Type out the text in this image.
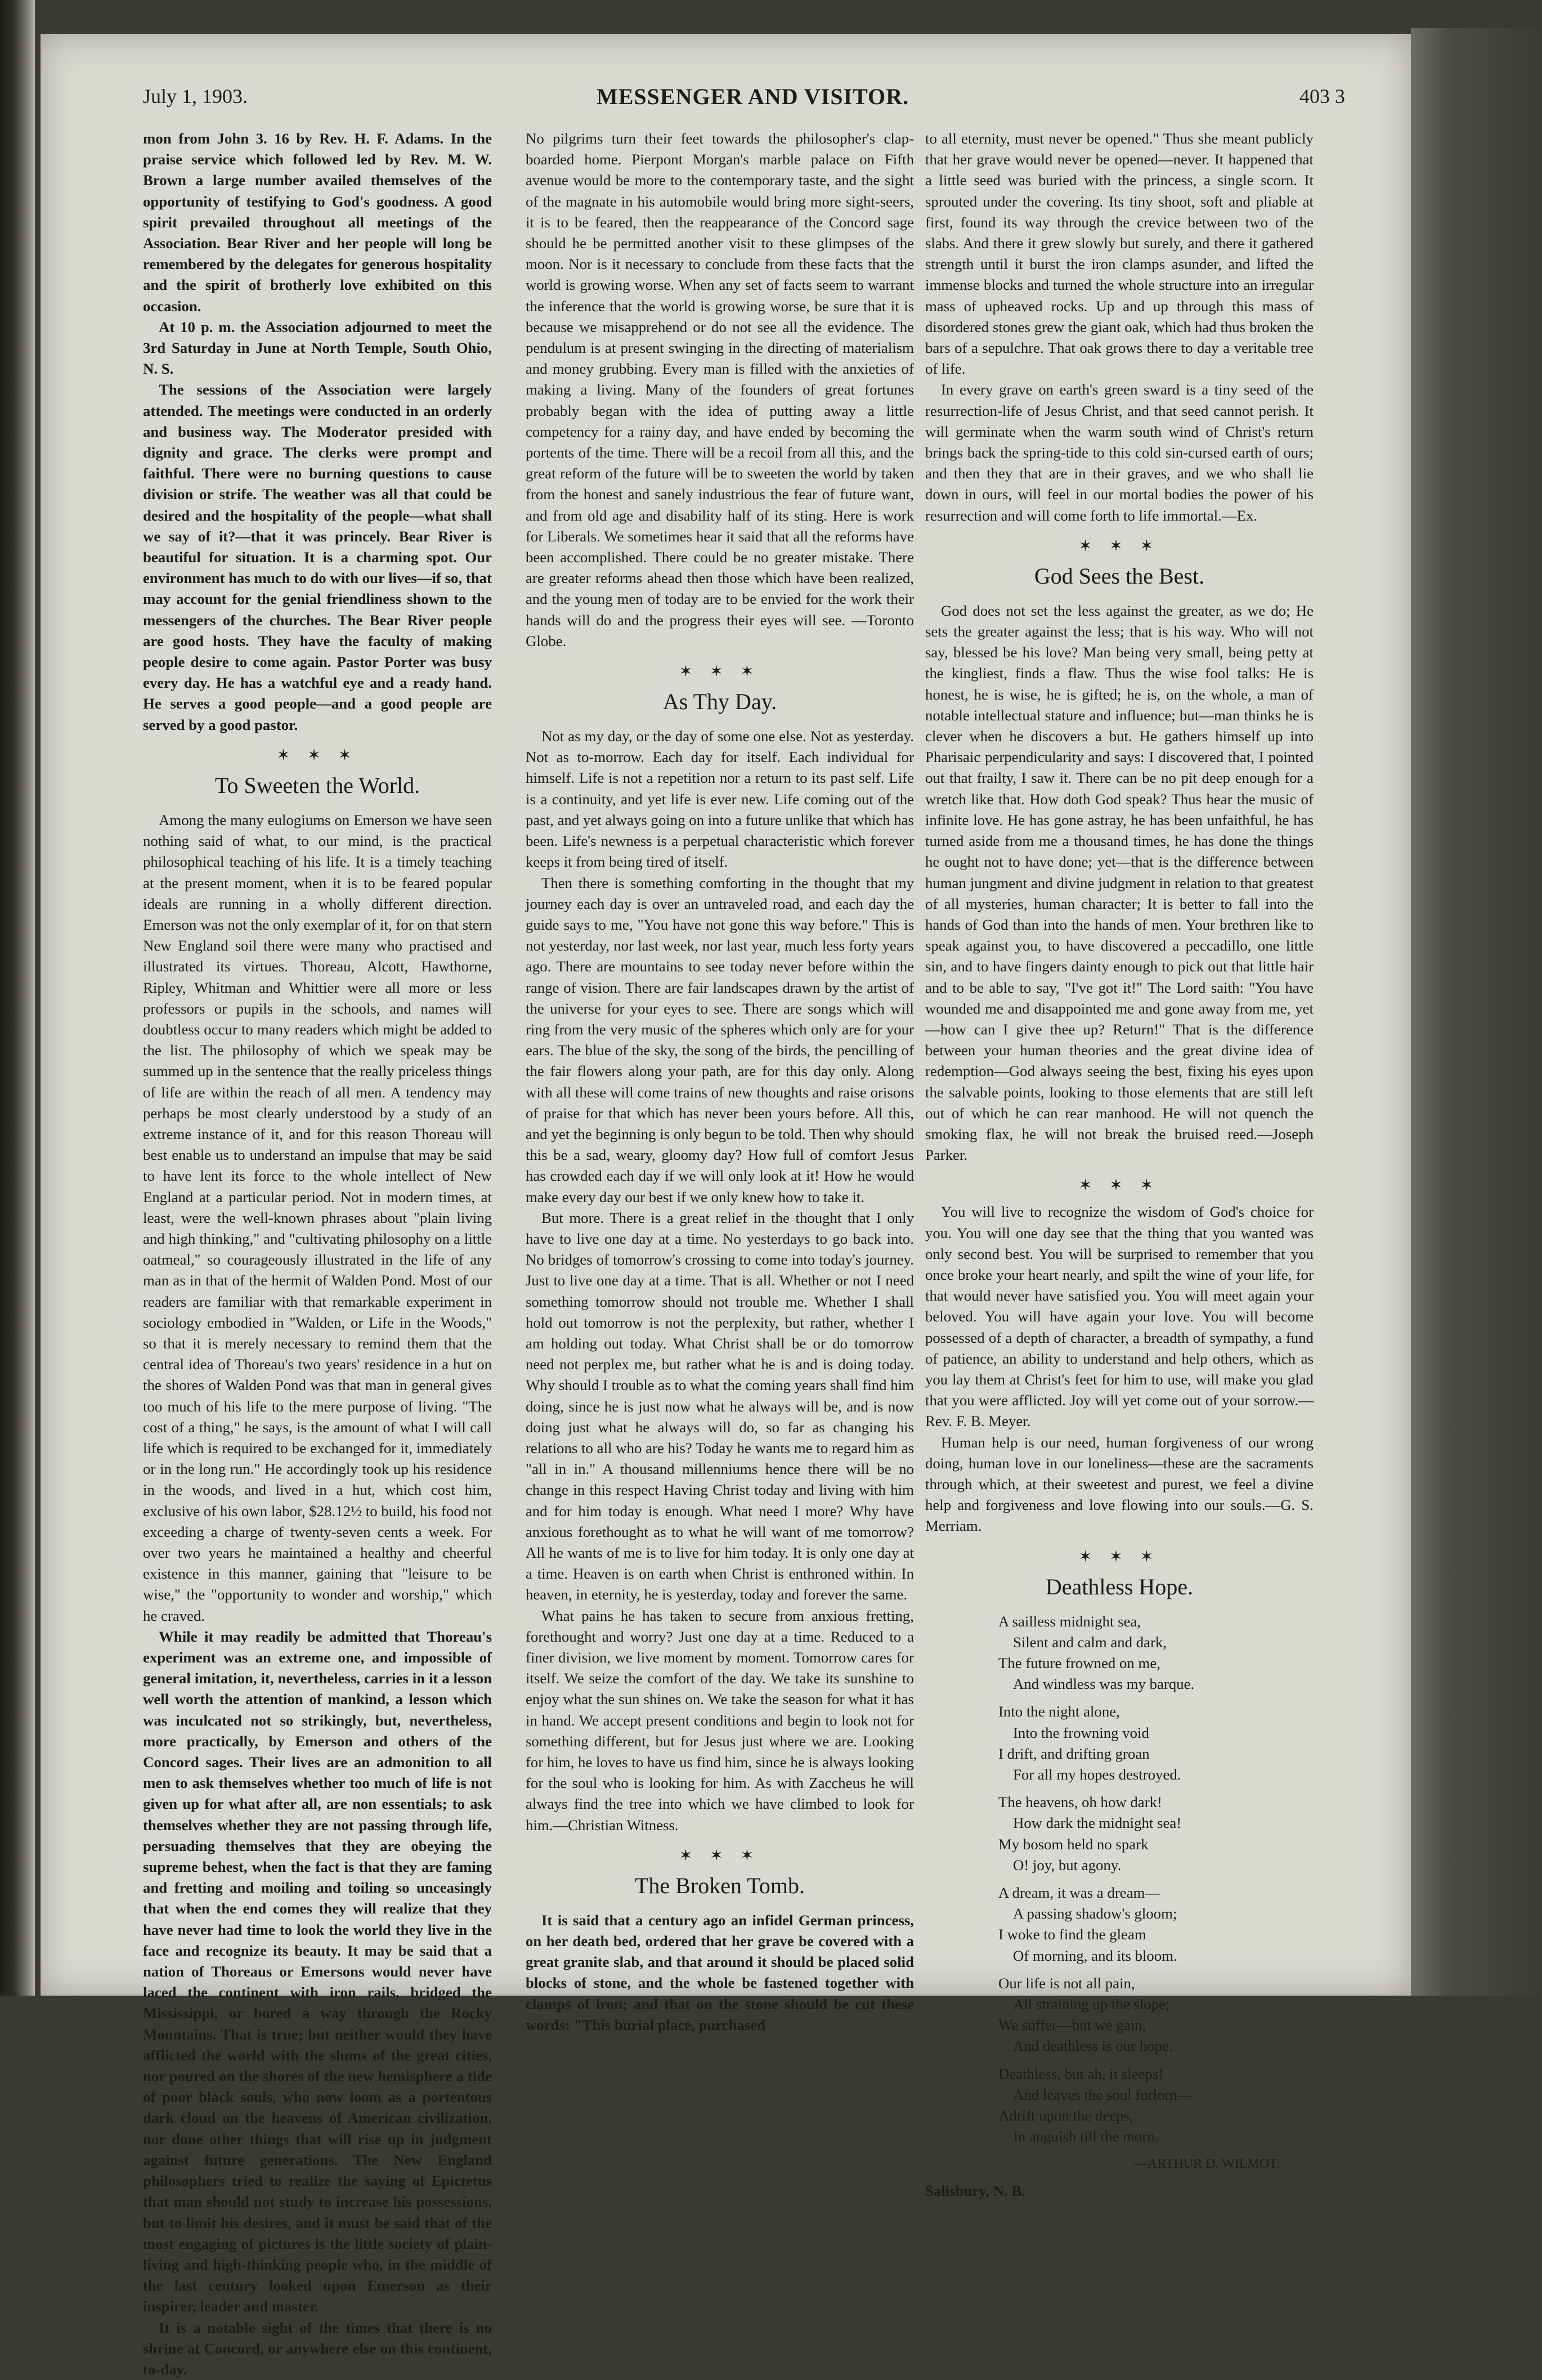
July 1, 1903.	MESSENGER AND VISITOR.	403 3

mon from John 3. 16 by Rev. H. F. Adams. In the praise service which followed led by Rev. M. W. Brown a large number availed themselves of the opportunity of testifying to God's goodness. A good spirit prevailed throughout all meetings of the Association. Bear River and her people will long be remembered by the delegates for generous hospitality and the spirit of brotherly love exhibited on this occasion.

At 10 p. m. the Association adjourned to meet the 3rd Saturday in June at North Temple, South Ohio, N. S.

The sessions of the Association were largely attended. The meetings were conducted in an orderly and business way. The Moderator presided with dignity and grace. The clerks were prompt and faithful. There were no burning questions to cause division or strife. The weather was all that could be desired and the hospitality of the people—what shall we say of it?—that it was princely. Bear River is beautiful for situation. It is a charming spot. Our environment has much to do with our lives—if so, that may account for the genial friendliness shown to the messengers of the churches. The Bear River people are good hosts. They have the faculty of making people desire to come again. Pastor Porter was busy every day. He has a watchful eye and a ready hand. He serves a good people—and a good people are served by a good pastor.

✶ ✶ ✶
To Sweeten the World.

Among the many eulogiums on Emerson we have seen nothing said of what, to our mind, is the practical philosophical teaching of his life. It is a timely teaching at the present moment, when it is to be feared popular ideals are running in a wholly different direction. Emerson was not the only exemplar of it, for on that stern New England soil there were many who practised and illustrated its virtues. Thoreau, Alcott, Hawthorne, Ripley, Whitman and Whittier were all more or less professors or pupils in the schools, and names will doubtless occur to many readers which might be added to the list. The philosophy of which we speak may be summed up in the sentence that the really priceless things of life are within the reach of all men. A tendency may perhaps be most clearly understood by a study of an extreme instance of it, and for this reason Thoreau will best enable us to understand an impulse that may be said to have lent its force to the whole intellect of New England at a particular period. Not in modern times, at least, were the well-known phrases about "plain living and high thinking," and "cultivating philosophy on a little oatmeal," so courageously illustrated in the life of any man as in that of the hermit of Walden Pond. Most of our readers are familiar with that remarkable experiment in sociology embodied in "Walden, or Life in the Woods," so that it is merely necessary to remind them that the central idea of Thoreau's two years' residence in a hut on the shores of Walden Pond was that man in general gives too much of his life to the mere purpose of living. "The cost of a thing," he says, is the amount of what I will call life which is required to be exchanged for it, immediately or in the long run." He accordingly took up his residence in the woods, and lived in a hut, which cost him, exclusive of his own labor, $28.12½ to build, his food not exceeding a charge of twenty-seven cents a week. For over two years he maintained a healthy and cheerful existence in this manner, gaining that "leisure to be wise," the "opportunity to wonder and worship," which he craved.

While it may readily be admitted that Thoreau's experiment was an extreme one, and impossible of general imitation, it, nevertheless, carries in it a lesson well worth the attention of mankind, a lesson which was inculcated not so strikingly, but, nevertheless, more practically, by Emerson and others of the Concord sages. Their lives are an admonition to all men to ask themselves whether too much of life is not given up for what after all, are non essentials; to ask themselves whether they are not passing through life, persuading themselves that they are obeying the supreme behest, when the fact is that they are faming and fretting and moiling and toiling so unceasingly that when the end comes they will realize that they have never had time to look the world they live in the face and recognize its beauty. It may be said that a nation of Thoreaus or Emersons would never have laced the continent with iron rails, bridged the Mississippi, or bored a way through the Rocky Mountains. That is true; but neither would they have afflicted the world with the slums of the great cities, nor poured on the shores of the new hemisphere a tide of poor black souls, who now loom as a portentous dark cloud on the heavens of American civilization, nor done other things that will rise up in judgment against future generations. The New England philosophers tried to realize the saying of Epictetus that man should not study to increase his possessions, but to limit his desires, and it must be said that of the most engaging of pictures is the little society of plain-living and high-thinking people who, in the middle of the last century looked upon Emerson as their inspirer, leader and master.

It is a notable sight of the times that there is no shrine at Concord, or anywhere else on this continent, to-day.

No pilgrims turn their feet towards the philosopher's clap-boarded home. Pierpont Morgan's marble palace on Fifth avenue would be more to the contemporary taste, and the sight of the magnate in his automobile would bring more sight-seers, it is to be feared, then the reappearance of the Concord sage should he be permitted another visit to these glimpses of the moon. Nor is it necessary to conclude from these facts that the world is growing worse. When any set of facts seem to warrant the inference that the world is growing worse, be sure that it is because we misapprehend or do not see all the evidence. The pendulum is at present swinging in the directing of materialism and money grubbing. Every man is filled with the anxieties of making a living. Many of the founders of great fortunes probably began with the idea of putting away a little competency for a rainy day, and have ended by becoming the portents of the time. There will be a recoil from all this, and the great reform of the future will be to sweeten the world by taken from the honest and sanely industrious the fear of future want, and from old age and disability half of its sting. Here is work for Liberals. We sometimes hear it said that all the reforms have been accomplished. There could be no greater mistake. There are greater reforms ahead then those which have been realized, and the young men of today are to be envied for the work their hands will do and the progress their eyes will see. —Toronto Globe.

✶ ✶ ✶
As Thy Day.

Not as my day, or the day of some one else. Not as yesterday. Not as to-morrow. Each day for itself. Each individual for himself. Life is not a repetition nor a return to its past self. Life is a continuity, and yet life is ever new. Life coming out of the past, and yet always going on into a future unlike that which has been. Life's newness is a perpetual characteristic which forever keeps it from being tired of itself.

Then there is something comforting in the thought that my journey each day is over an untraveled road, and each day the guide says to me, "You have not gone this way before." This is not yesterday, nor last week, nor last year, much less forty years ago. There are mountains to see today never before within the range of vision. There are fair landscapes drawn by the artist of the universe for your eyes to see. There are songs which will ring from the very music of the spheres which only are for your ears. The blue of the sky, the song of the birds, the pencilling of the fair flowers along your path, are for this day only. Along with all these will come trains of new thoughts and raise orisons of praise for that which has never been yours before. All this, and yet the beginning is only begun to be told. Then why should this be a sad, weary, gloomy day? How full of comfort Jesus has crowded each day if we will only look at it! How he would make every day our best if we only knew how to take it.

But more. There is a great relief in the thought that I only have to live one day at a time. No yesterdays to go back into. No bridges of tomorrow's crossing to come into today's journey. Just to live one day at a time. That is all. Whether or not I need something tomorrow should not trouble me. Whether I shall hold out tomorrow is not the perplexity, but rather, whether I am holding out today. What Christ shall be or do tomorrow need not perplex me, but rather what he is and is doing today. Why should I trouble as to what the coming years shall find him doing, since he is just now what he always will be, and is now doing just what he always will do, so far as changing his relations to all who are his? Today he wants me to regard him as "all in in." A thousand millenniums hence there will be no change in this respect Having Christ today and living with him and for him today is enough. What need I more? Why have anxious forethought as to what he will want of me tomorrow? All he wants of me is to live for him today. It is only one day at a time. Heaven is on earth when Christ is enthroned within. In heaven, in eternity, he is yesterday, today and forever the same.

What pains he has taken to secure from anxious fretting, forethought and worry? Just one day at a time. Reduced to a finer division, we live moment by moment. Tomorrow cares for itself. We seize the comfort of the day. We take its sunshine to enjoy what the sun shines on. We take the season for what it has in hand. We accept present conditions and begin to look not for something different, but for Jesus just where we are. Looking for him, he loves to have us find him, since he is always looking for the soul who is looking for him. As with Zaccheus he will always find the tree into which we have climbed to look for him.—Christian Witness.

✶ ✶ ✶
The Broken Tomb.

It is said that a century ago an infidel German princess, on her death bed, ordered that her grave be covered with a great granite slab, and that around it should be placed solid blocks of stone, and the whole be fastened together with clamps of iron; and that on the stone should be cut these words: "This burial place, purchased

to all eternity, must never be opened." Thus she meant publicly that her grave would never be opened—never. It happened that a little seed was buried with the princess, a single scorn. It sprouted under the covering. Its tiny shoot, soft and pliable at first, found its way through the crevice between two of the slabs. And there it grew slowly but surely, and there it gathered strength until it burst the iron clamps asunder, and lifted the immense blocks and turned the whole structure into an irregular mass of upheaved rocks. Up and up through this mass of disordered stones grew the giant oak, which had thus broken the bars of a sepulchre. That oak grows there to day a veritable tree of life.

In every grave on earth's green sward is a tiny seed of the resurrection-life of Jesus Christ, and that seed cannot perish. It will germinate when the warm south wind of Christ's return brings back the spring-tide to this cold sin-cursed earth of ours; and then they that are in their graves, and we who shall lie down in ours, will feel in our mortal bodies the power of his resurrection and will come forth to life immortal.—Ex.

✶ ✶ ✶
God Sees the Best.

God does not set the less against the greater, as we do; He sets the greater against the less; that is his way. Who will not say, blessed be his love? Man being very small, being petty at the kingliest, finds a flaw. Thus the wise fool talks: He is honest, he is wise, he is gifted; he is, on the whole, a man of notable intellectual stature and influence; but—man thinks he is clever when he discovers a but. He gathers himself up into Pharisaic perpendicularity and says: I discovered that, I pointed out that frailty, I saw it. There can be no pit deep enough for a wretch like that. How doth God speak? Thus hear the music of infinite love. He has gone astray, he has been unfaithful, he has turned aside from me a thousand times, he has done the things he ought not to have done; yet—that is the difference between human jungment and divine judgment in relation to that greatest of all mysteries, human character; It is better to fall into the hands of God than into the hands of men. Your brethren like to speak against you, to have discovered a peccadillo, one little sin, and to have fingers dainty enough to pick out that little hair and to be able to say, "I've got it!" The Lord saith: "You have wounded me and disappointed me and gone away from me, yet—how can I give thee up? Return!" That is the difference between your human theories and the great divine idea of redemption—God always seeing the best, fixing his eyes upon the salvable points, looking to those elements that are still left out of which he can rear manhood. He will not quench the smoking flax, he will not break the bruised reed.—Joseph Parker.

✶ ✶ ✶

You will live to recognize the wisdom of God's choice for you. You will one day see that the thing that you wanted was only second best. You will be surprised to remember that you once broke your heart nearly, and spilt the wine of your life, for that would never have satisfied you. You will meet again your beloved. You will have again your love. You will become possessed of a depth of character, a breadth of sympathy, a fund of patience, an ability to understand and help others, which as you lay them at Christ's feet for him to use, will make you glad that you were afflicted. Joy will yet come out of your sorrow.—Rev. F. B. Meyer.

Human help is our need, human forgiveness of our wrong doing, human love in our loneliness—these are the sacraments through which, at their sweetest and purest, we feel a divine help and forgiveness and love flowing into our souls.—G. S. Merriam.

✶ ✶ ✶
Deathless Hope.
A sailless midnight sea,
Silent and calm and dark,
The future frowned on me,
And windless was my barque.
Into the night alone,
Into the frowning void
I drift, and drifting groan
For all my hopes destroyed.
The heavens, oh how dark!
How dark the midnight sea!
My bosom held no spark
O! joy, but agony.
A dream, it was a dream—
A passing shadow's gloom;
I woke to find the gleam
Of morning, and its bloom.
Our life is not all pain,
All straining up the slope;
We suffer—but we gain,
And deathless is our hope.
Deathless, but ah, it sleeps!
And leaves the soul forlorn—
Adrift upon the deeps,
In anguish till the morn.
—ARTHUR D. WILMOT.
Salisbury, N. B.
